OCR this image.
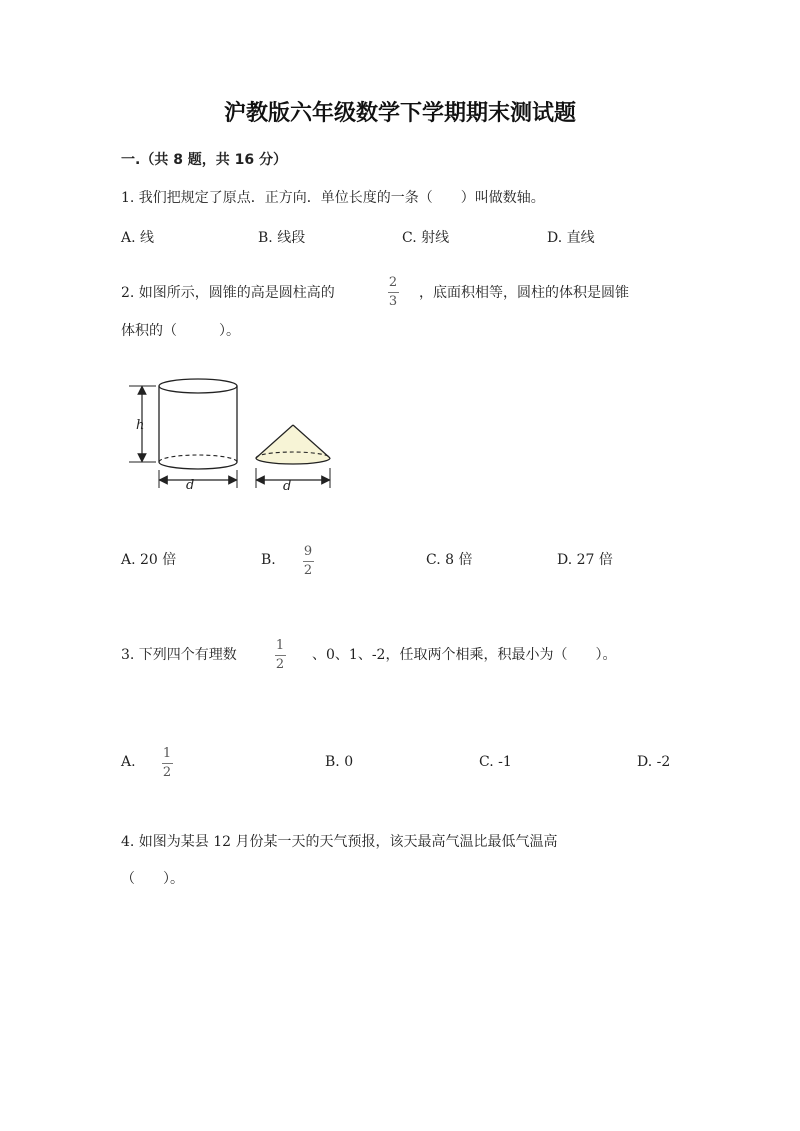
沪教版六年级数学下学期期末测试题
一.（共 8 题，共 16 分）
1. 我们把规定了原点．正方向．单位长度的一条（　　）叫做数轴。
A. 线	B. 线段	C. 射线	D. 直线
2. 如图所示，圆锥的高是圆柱高的
2
3
，底面积相等，圆柱的体积是圆锥
体积的（　　　）。
h
d	d
A. 20 倍	B.
9
2
C. 8 倍	D. 27 倍
3. 下列四个有理数
1
2
、0、1、-2，任取两个相乘，积最小为（　　）。
A.
1
2
B. 0	C. -1	D. -2
4. 如图为某县 12 月份某一天的天气预报，该天最高气温比最低气温高
（　　）。
